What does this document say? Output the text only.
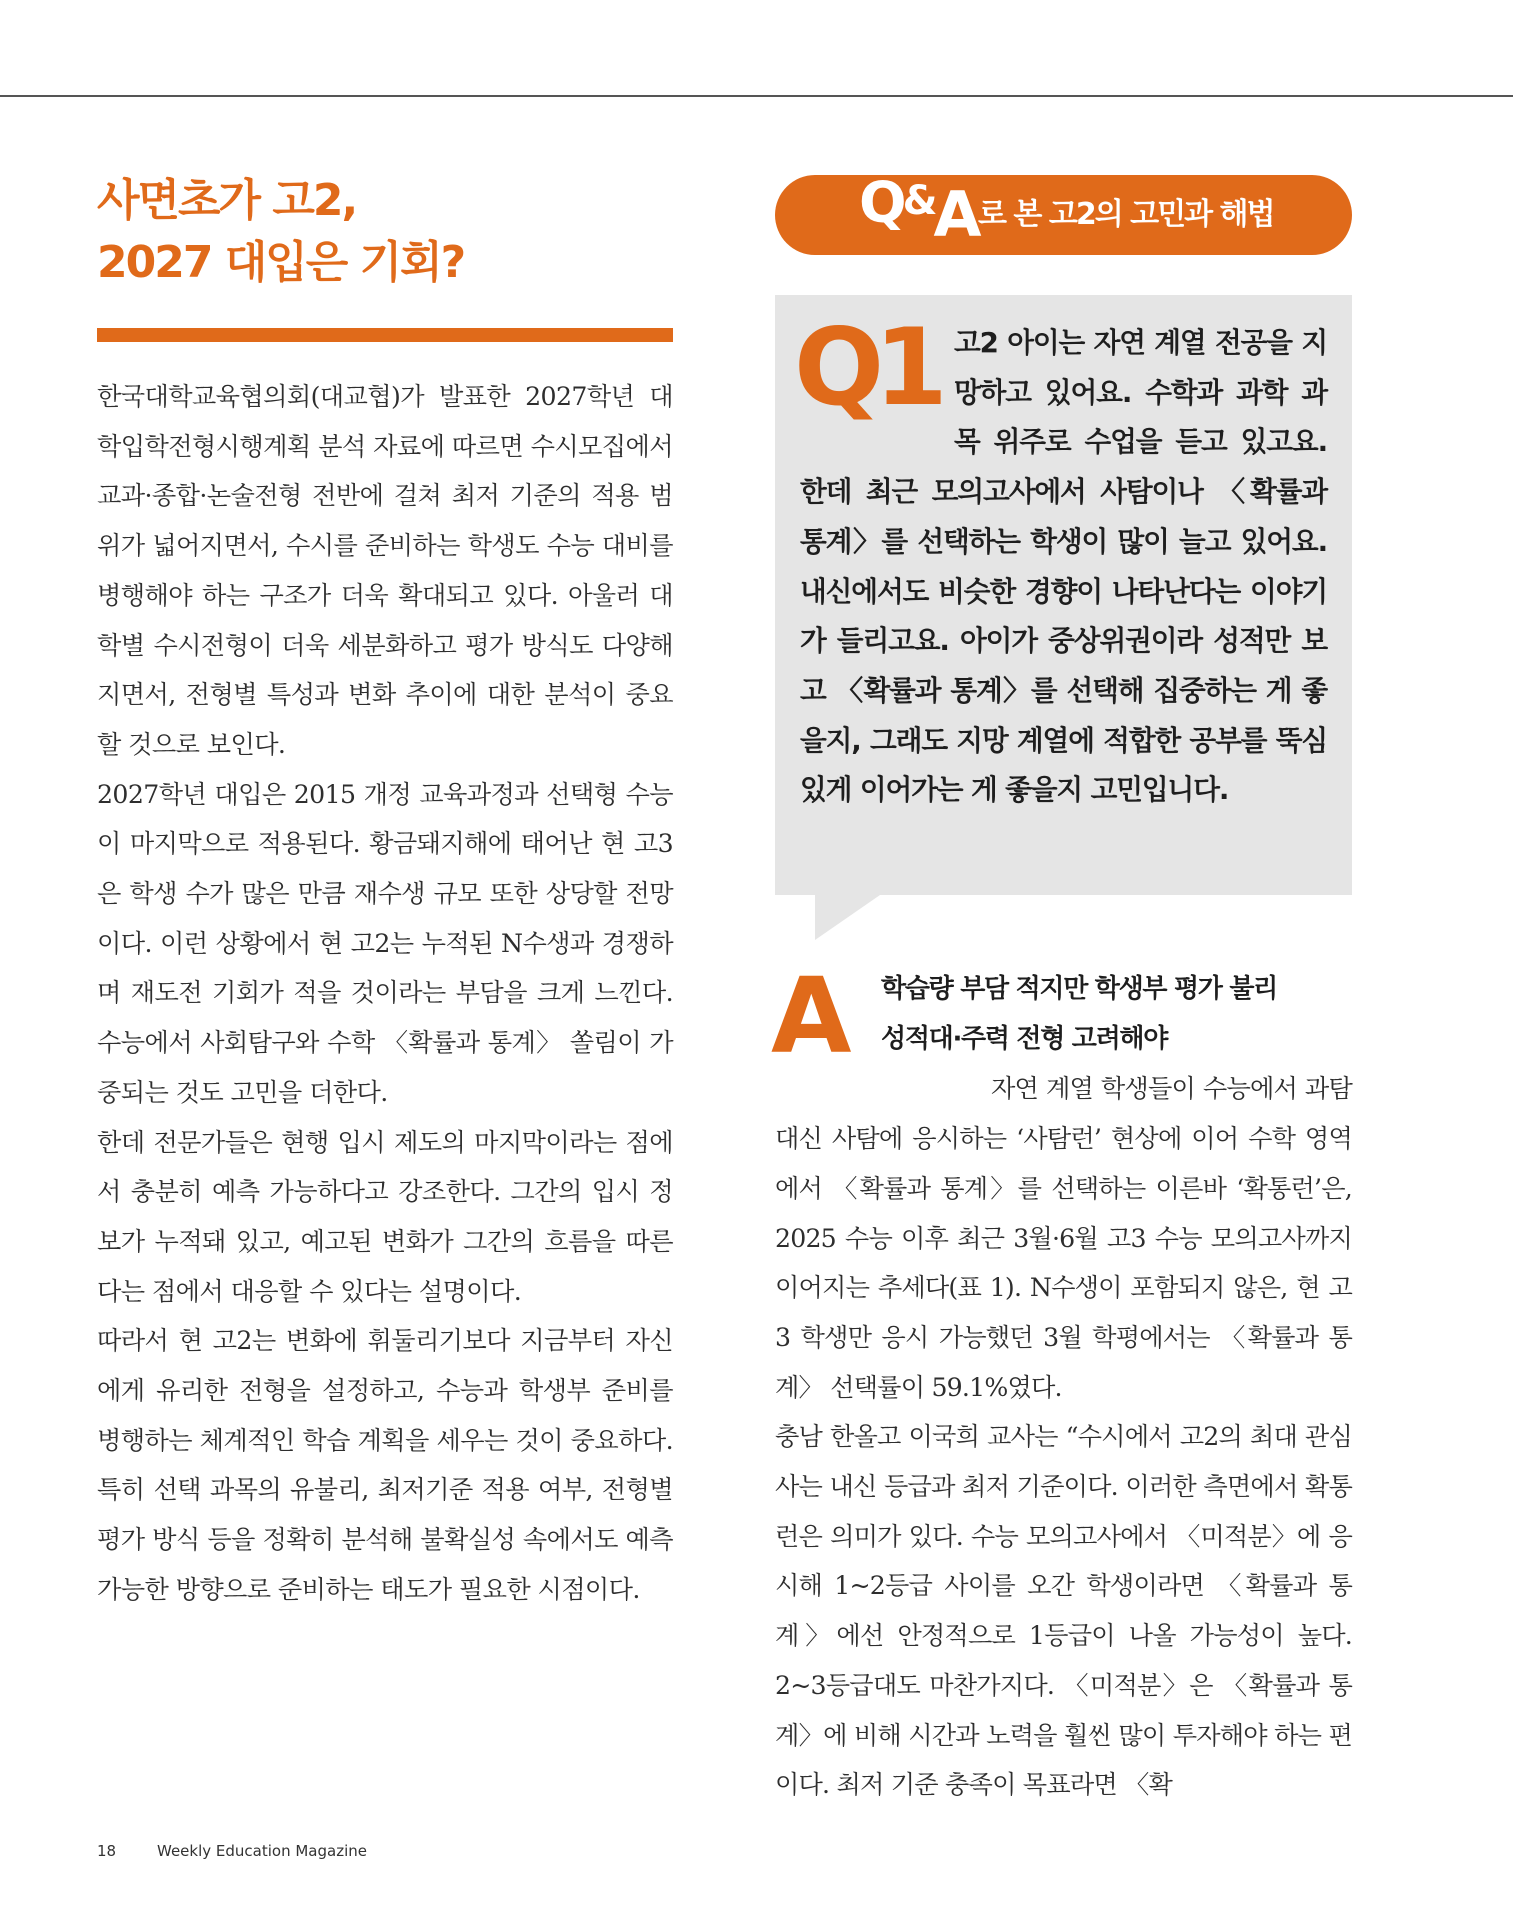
사면초가 고2,
2027 대입은 기회?

한국대학교육협의회(대교협)가 발표한 2027학년 대학입학전형시행계획 분석 자료에 따르면 수시모집에서 교과·종합·논술전형 전반에 걸쳐 최저 기준의 적용 범위가 넓어지면서, 수시를 준비하는 학생도 수능 대비를 병행해야 하는 구조가 더욱 확대되고 있다. 아울러 대학별 수시전형이 더욱 세분화하고 평가 방식도 다양해지면서, 전형별 특성과 변화 추이에 대한 분석이 중요할 것으로 보인다.

2027학년 대입은 2015 개정 교육과정과 선택형 수능이 마지막으로 적용된다. 황금돼지해에 태어난 현 고3은 학생 수가 많은 만큼 재수생 규모 또한 상당할 전망이다. 이런 상황에서 현 고2는 누적된 N수생과 경쟁하며 재도전 기회가 적을 것이라는 부담을 크게 느낀다. 수능에서 사회탐구와 수학 〈확률과 통계〉 쏠림이 가중되는 것도 고민을 더한다.

한데 전문가들은 현행 입시 제도의 마지막이라는 점에서 충분히 예측 가능하다고 강조한다. 그간의 입시 정보가 누적돼 있고, 예고된 변화가 그간의 흐름을 따른다는 점에서 대응할 수 있다는 설명이다.

따라서 현 고2는 변화에 휘둘리기보다 지금부터 자신에게 유리한 전형을 설정하고, 수능과 학생부 준비를 병행하는 체계적인 학습 계획을 세우는 것이 중요하다. 특히 선택 과목의 유불리, 최저기준 적용 여부, 전형별 평가 방식 등을 정확히 분석해 불확실성 속에서도 예측 가능한 방향으로 준비하는 태도가 필요한 시점이다.

Q&A 로 본 고2의 고민과 해법
Q1 고2 아이는 자연 계열 전공을 지망하고 있어요. 수학과 과학 과목 위주로 수업을 듣고 있고요. 한데 최근 모의고사에서 사탐이나 〈확률과 통계〉를 선택하는 학생이 많이 늘고 있어요. 내신에서도 비슷한 경향이 나타난다는 이야기가 들리고요. 아이가 중상위권이라 성적만 보고 〈확률과 통계〉를 선택해 집중하는 게 좋을지, 그래도 지망 계열에 적합한 공부를 뚝심 있게 이어가는 게 좋을지 고민입니다.
A	학습량 부담 적지만 학생부 평가 불리
성적대·주력 전형 고려해야

자연 계열 학생들이 수능에서 과탐 대신 사탐에 응시하는 ‘사탐런’ 현상에 이어 수학 영역에서 〈확률과 통계〉를 선택하는 이른바 ‘확통런’은, 2025 수능 이후 최근 3월·6월 고3 수능 모의고사까지 이어지는 추세다(표 1). N수생이 포함되지 않은, 현 고3 학생만 응시 가능했던 3월 학평에서는 〈확률과 통계〉 선택률이 59.1%였다.

충남 한올고 이국희 교사는 “수시에서 고2의 최대 관심사는 내신 등급과 최저 기준이다. 이러한 측면에서 확통런은 의미가 있다. 수능 모의고사에서 〈미적분〉에 응시해 1~2등급 사이를 오간 학생이라면 〈확률과 통계〉에선 안정적으로 1등급이 나올 가능성이 높다. 2~3등급대도 마찬가지다. 〈미적분〉은 〈확률과 통계〉에 비해 시간과 노력을 훨씬 많이 투자해야 하는 편이다. 최저 기준 충족이 목표라면 〈확

18	Weekly Education Magazine
